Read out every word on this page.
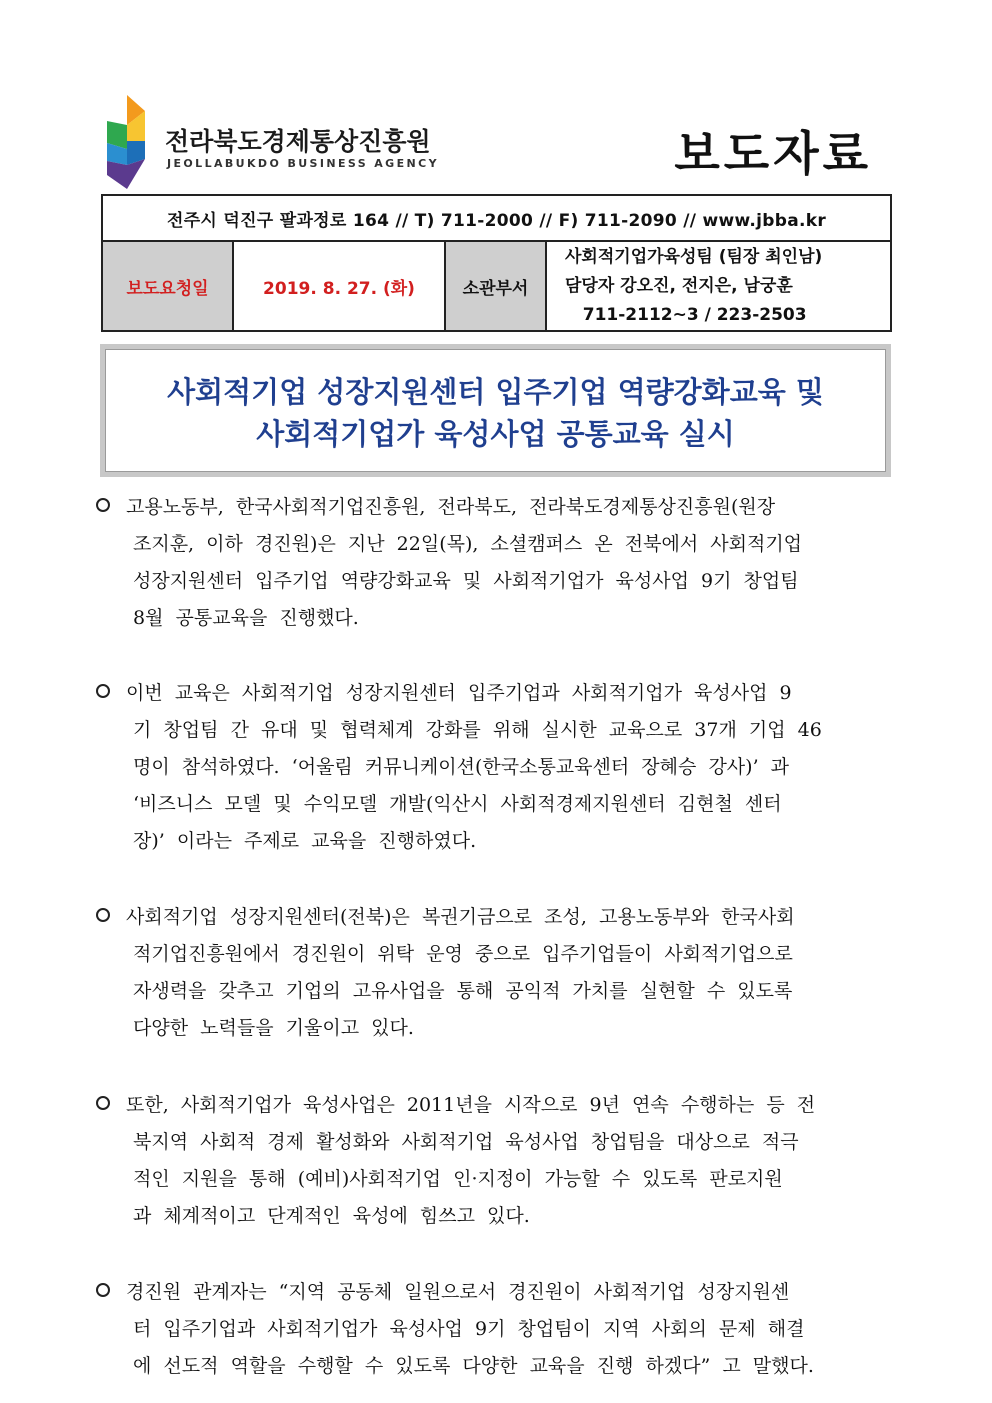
전라북도경제통상진흥원
JEOLLABUKDO BUSINESS AGENCY	보도자료
전주시 덕진구 팔과정로 164 // T) 711-2000 // F) 711-2090 // www.jbba.kr
보도요청일	2019. 8. 27. (화)	소관부서	
사회적기업가육성팀 (팀장 최인남)
담당자 강오진, 전지은, 남궁훈
711-2112~3 / 223-2503
사회적기업 성장지원센터 입주기업 역량강화교육 및
사회적기업가 육성사업 공통교육 실시
고용노동부,  한국사회적기업진흥원,  전라북도,  전라북도경제통상진흥원(원장
조지훈,  이하  경진원)은  지난  22일(목),  소셜캠퍼스  온  전북에서  사회적기업
성장지원센터  입주기업  역량강화교육  및  사회적기업가  육성사업  9기  창업팀
8월  공통교육을  진행했다.
이번  교육은  사회적기업  성장지원센터  입주기업과  사회적기업가  육성사업  9
기  창업팀  간  유대  및  협력체계  강화를  위해  실시한  교육으로  37개  기업  46
명이  참석하였다.  ‘어울림  커뮤니케이션(한국소통교육센터  장혜승  강사)’  과
‘비즈니스  모델  및  수익모델  개발(익산시  사회적경제지원센터  김현철  센터
장)’  이라는  주제로  교육을  진행하였다.
사회적기업  성장지원센터(전북)은  복권기금으로  조성,  고용노동부와  한국사회
적기업진흥원에서  경진원이  위탁  운영  중으로  입주기업들이  사회적기업으로
자생력을  갖추고  기업의  고유사업을  통해  공익적  가치를  실현할  수  있도록
다양한  노력들을  기울이고  있다.
또한,  사회적기업가  육성사업은  2011년을  시작으로  9년  연속  수행하는  등  전
북지역  사회적  경제  활성화와  사회적기업  육성사업  창업팀을  대상으로  적극
적인  지원을  통해  (예비)사회적기업  인·지정이  가능할  수  있도록  판로지원
과  체계적이고  단계적인  육성에  힘쓰고  있다.
경진원  관계자는  “지역  공동체  일원으로서  경진원이  사회적기업  성장지원센
터  입주기업과  사회적기업가  육성사업  9기  창업팀이  지역  사회의  문제  해결
에  선도적  역할을  수행할  수  있도록  다양한  교육을  진행  하겠다”  고  말했다.
